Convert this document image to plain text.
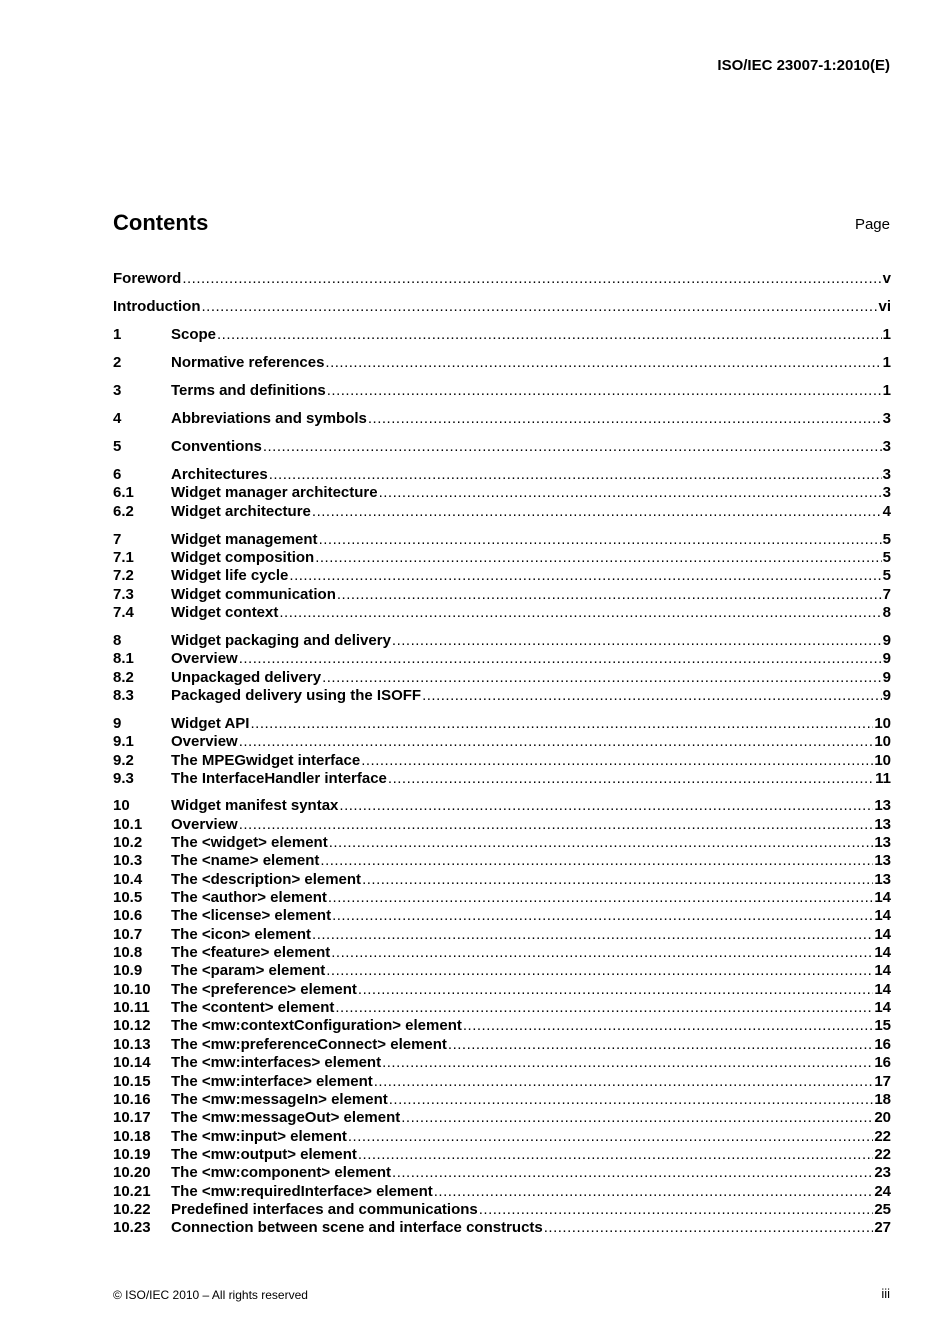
ISO/IEC 23007-1:2010(E)
Contents	Page
Foreword .....	v
Introduction .....	vi
1	Scope .....	1
2	Normative references .....	1
3	Terms and definitions .....	1
4	Abbreviations and symbols .....	3
5	Conventions .....	3
6	Architectures .....	3
6.1	Widget manager architecture .....	3
6.2	Widget architecture .....	4
7	Widget management .....	5
7.1	Widget composition .....	5
7.2	Widget life cycle .....	5
7.3	Widget communication .....	7
7.4	Widget context .....	8
8	Widget packaging and delivery .....	9
8.1	Overview .....	9
8.2	Unpackaged delivery .....	9
8.3	Packaged delivery using the ISOFF .....	9
9	Widget API .....	10
9.1	Overview .....	10
9.2	The MPEGwidget interface .....	10
9.3	The InterfaceHandler interface .....	11
10	Widget manifest syntax .....	13
10.1	Overview .....	13
10.2	The <widget> element .....	13
10.3	The <name> element .....	13
10.4	The <description> element .....	13
10.5	The <author> element .....	14
10.6	The <license> element .....	14
10.7	The <icon> element .....	14
10.8	The <feature> element .....	14
10.9	The <param> element .....	14
10.10	The <preference> element .....	14
10.11	The <content> element .....	14
10.12	The <mw:contextConfiguration> element .....	15
10.13	The <mw:preferenceConnect> element .....	16
10.14	The <mw:interfaces> element .....	16
10.15	The <mw:interface> element .....	17
10.16	The <mw:messageIn> element .....	18
10.17	The <mw:messageOut> element .....	20
10.18	The <mw:input> element .....	22
10.19	The <mw:output> element .....	22
10.20	The <mw:component> element .....	23
10.21	The <mw:requiredInterface> element .....	24
10.22	Predefined interfaces and communications .....	25
10.23	Connection between scene and interface constructs .....	27
© ISO/IEC 2010 – All rights reserved	iii
